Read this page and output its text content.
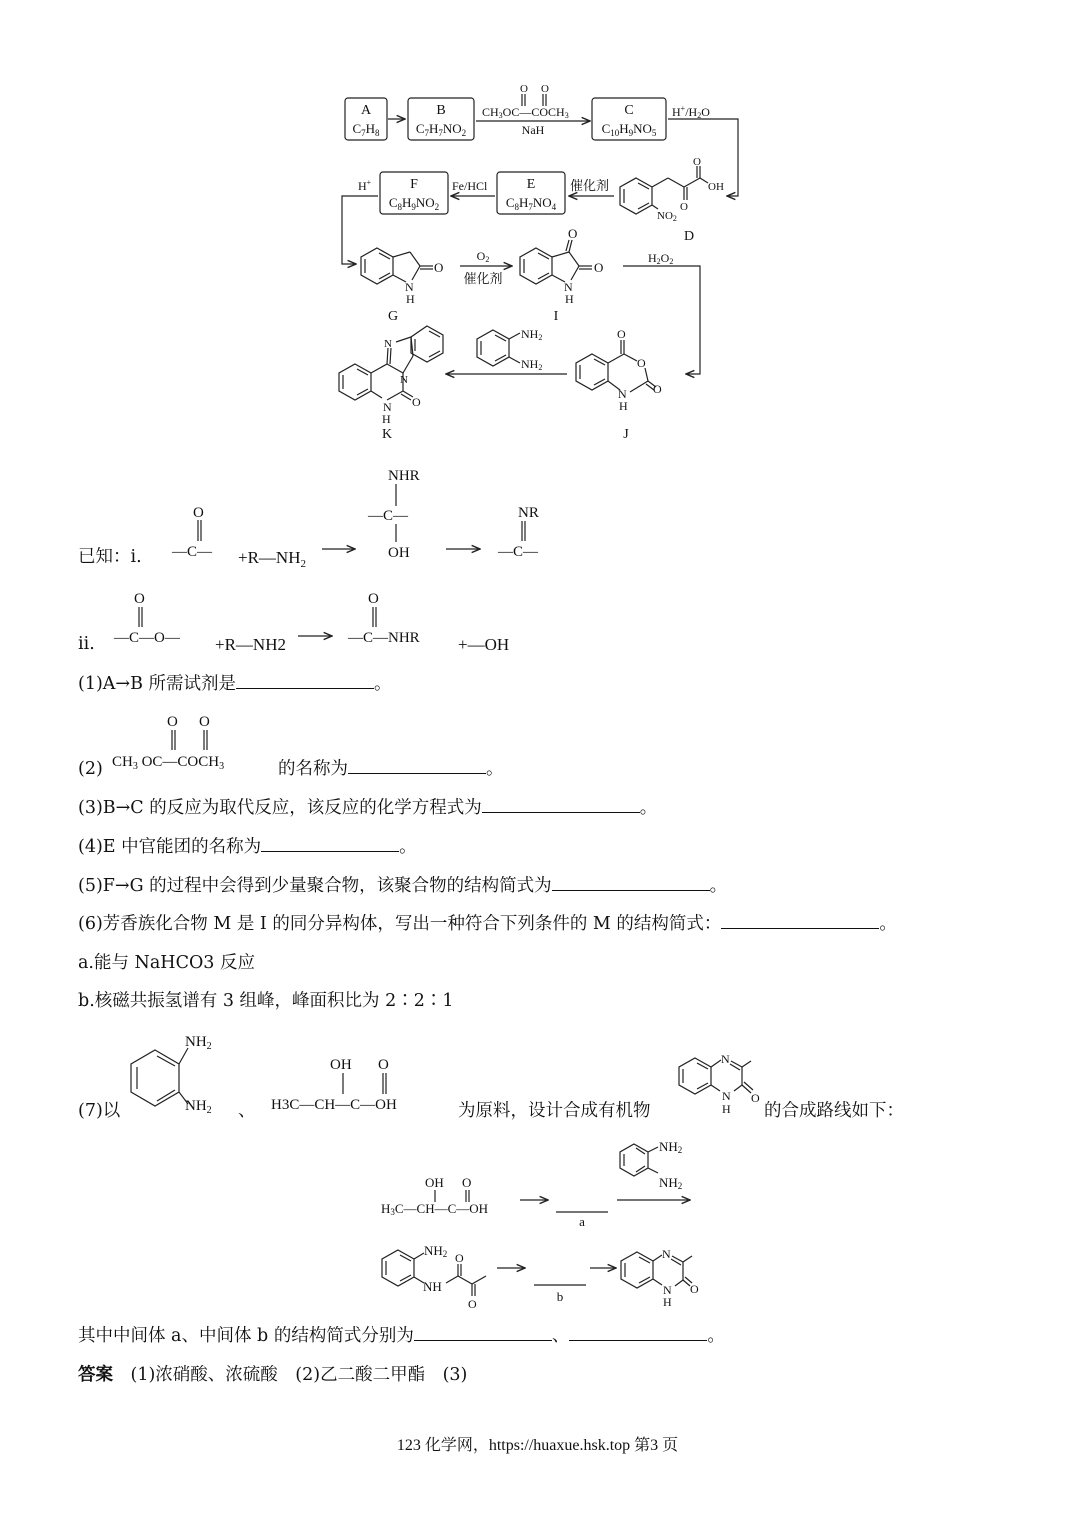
A
$C_7H_8$
B
$C_7H_7NO_2$
CH3OC—COCH3
O O
NaH
C
$C_{10}H_9NO_5$
H+/H2O
O
O
OH
NO2
D
催化剂
E
$C_8H_7NO_4$
Fe/HCl
F
$C_8H_9NO_2$
H+
O
N
H
G
O2
催化剂
O
O
N
H
I
H2O2
O
O
O
N
H
J
NH2
NH2
N
N
O
N
H
K
O
—C— $+R—NH_2$
NHR
—C—
OH
NR
—C—
O
—C—O— +R—NH2
O
—C—NHR +—OH
O O
$CH_3$ $OC—COCH_3$
$NH_2$
$NH_2$
OH O
H3C—CH—C—OH
N
O
N
H
OH O
H3C—CH—C—OH
a
NH2
NH2
NH2
NH
O
O	b
N
O
N
H
已知：ⅰ.
ⅱ.
(1)A→B 所需试剂是	。
(2)	的名称为	。
(3)B→C 的反应为取代反应，该反应的化学方程式为	。
(4)E 中官能团的名称为	。
(5)F→G 的过程中会得到少量聚合物，该聚合物的结构简式为	。
(6)芳香族化合物 M 是 I 的同分异构体，写出一种符合下列条件的 M 的结构简式：	。
a.能与 NaHCO3 反应
b.核磁共振氢谱有 3 组峰，峰面积比为 2∶2∶1
(7)以	、	为原料，设计合成有机物	的合成路线如下：
其中中间体 a、中间体 b 的结构简式分别为	、	。
答案　 (1)浓硝酸、浓硫酸　(2)乙二酸二甲酯　(3)
123 化学网，https://huaxue.hsk.top 第3 页
